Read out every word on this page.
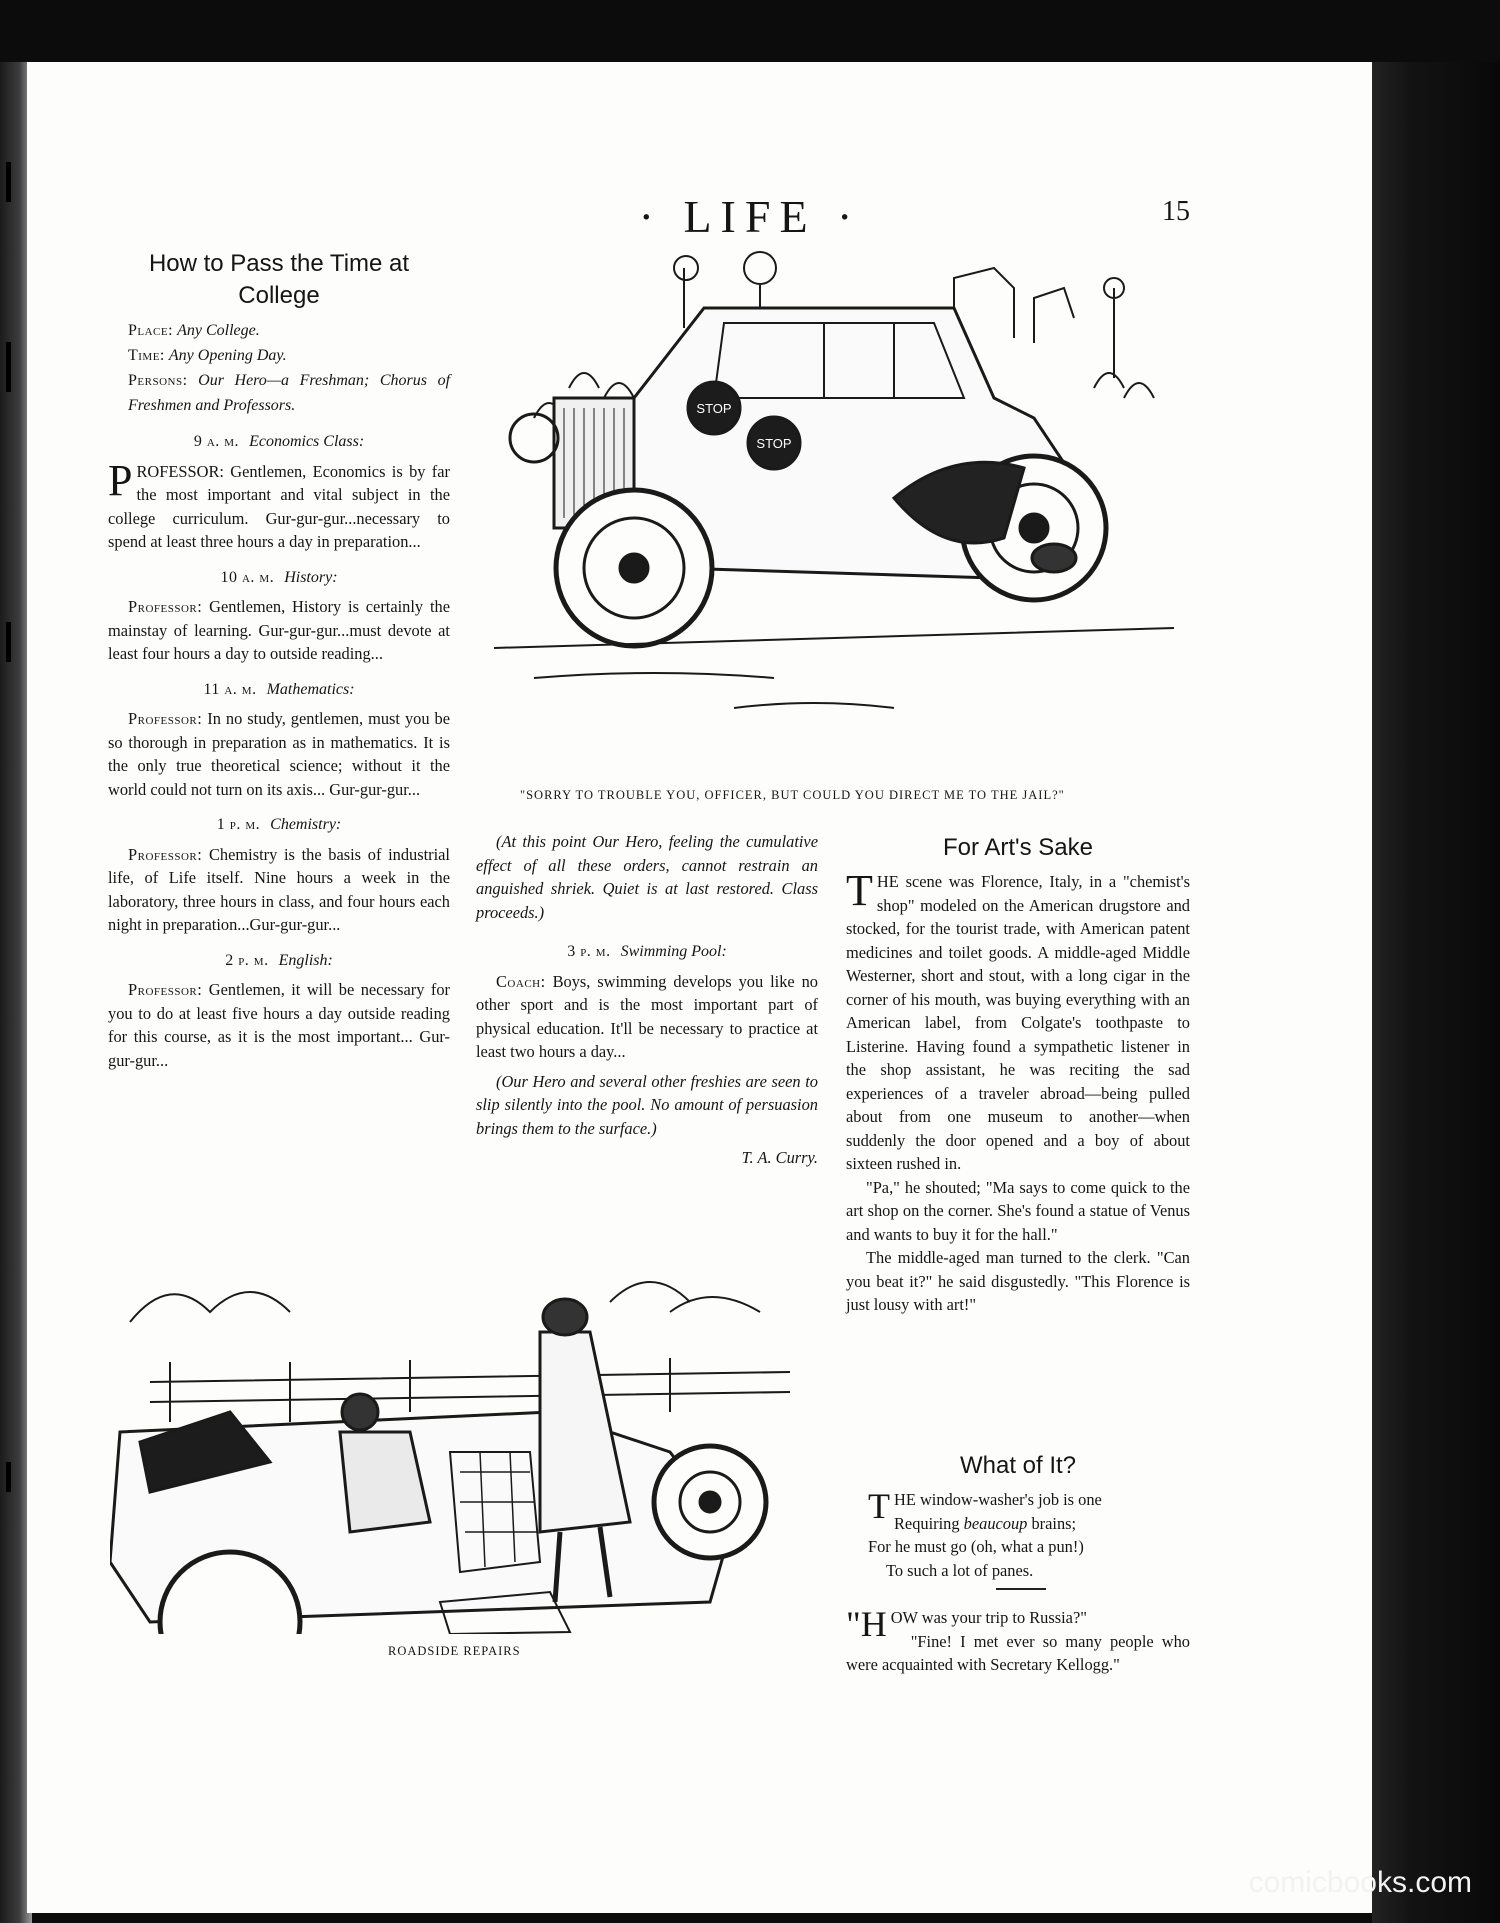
· LIFE ·	15
How to Pass the Time at College

Place: Any College.

Time: Any Opening Day.

Persons: Our Hero—a Freshman; Chorus of Freshmen and Professors.

9 a. m. Economics Class:

PROFESSOR: Gentlemen, Economics is by far the most important and vital subject in the college curriculum. Gur-gur-gur...necessary to spend at least three hours a day in preparation...

10 a. m. History:

Professor: Gentlemen, History is certainly the mainstay of learning. Gur-gur-gur...must devote at least four hours a day to outside reading...

11 a. m. Mathematics:

Professor: In no study, gentlemen, must you be so thorough in preparation as in mathematics. It is the only true theoretical science; without it the world could not turn on its axis... Gur-gur-gur...

1 p. m. Chemistry:

Professor: Chemistry is the basis of industrial life, of Life itself. Nine hours a week in the laboratory, three hours in class, and four hours each night in preparation...Gur-gur-gur...

2 p. m. English:

Professor: Gentlemen, it will be necessary for you to do at least five hours a day outside reading for this course, as it is the most important... Gur-gur-gur...

(At this point Our Hero, feeling the cumulative effect of all these orders, cannot restrain an anguished shriek. Quiet is at last restored. Class proceeds.)

3 p. m. Swimming Pool:

Coach: Boys, swimming develops you like no other sport and is the most important part of physical education. It'll be necessary to practice at least two hours a day...

(Our Hero and several other freshies are seen to slip silently into the pool. No amount of persuasion brings them to the surface.)

T. A. Curry.

STOP
STOP
"SORRY TO TROUBLE YOU, OFFICER, BUT COULD YOU DIRECT ME TO THE JAIL?"
For Art's Sake

THE scene was Florence, Italy, in a "chemist's shop" modeled on the American drugstore and stocked, for the tourist trade, with American patent medicines and toilet goods. A middle-aged Middle Westerner, short and stout, with a long cigar in the corner of his mouth, was buying everything with an American label, from Colgate's toothpaste to Listerine. Having found a sympathetic listener in the shop assistant, he was reciting the sad experiences of a traveler abroad—being pulled about from one museum to another—when suddenly the door opened and a boy of about sixteen rushed in.

"Pa," he shouted; "Ma says to come quick to the art shop on the corner. She's found a statue of Venus and wants to buy it for the hall."

The middle-aged man turned to the clerk. "Can you beat it?" he said disgustedly. "This Florence is just lousy with art!"

What of It?

THE window-washer's job is one

Requiring beaucoup brains;

For he must go (oh, what a pun!)

To such a lot of panes.

"HOW was your trip to Russia?"

"Fine! I met ever so many people who were acquainted with Secretary Kellogg."

ROADSIDE REPAIRS
comicbooks.com
